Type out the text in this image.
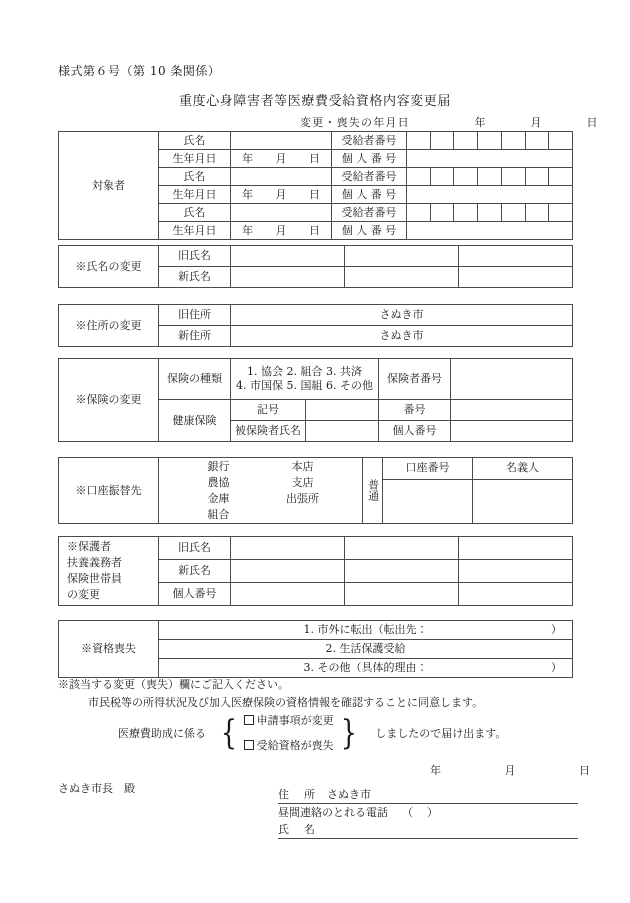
様式第６号（第 10 条関係）
重度心身障害者等医療費受給資格内容変更届
変更・喪失の年月日	年	月	日
対象者	氏名		受給者番号	

	生年月日	年 月 日	個 人 番 号	
	氏名		受給者番号	

	生年月日	年 月 日	個 人 番 号	
	氏名		受給者番号	

	生年月日	年 月 日	個 人 番 号	
※氏名の変更	旧氏名			
	新氏名			
※住所の変更	旧住所	さぬき市
	新住所	さぬき市
※保険の変更	保険の種類	1. 協会 2. 組合 3. 共済
4. 市国保 5. 国組 6. その他	保険者番号	
	健康保険	記号	番号	

被保険者氏名	個人番号	
※口座振替先	
銀行
農協
金庫
組合
本店
支店
出張所	普通
	口座番号	名義人

※保護者
扶養義務者
保険世帯員
の変更	旧氏名			
	新氏名			
	個人番号			
※資格喪失	1. 市外に転出（転出先：	）

2. 生活保護受給
3. その他（具体的理由：	）
※該当する変更（喪失）欄にご記入ください。
市民税等の所得状況及び加入医療保険の資格情報を確認することに同意します。
医療費助成に係る {	申請事項が変更
受給資格が喪失 } しましたので届け出ます。
年	月	日
さぬき市長　殿	住　所 さぬき市
昼間連絡のとれる電話 （ ）
氏　名
